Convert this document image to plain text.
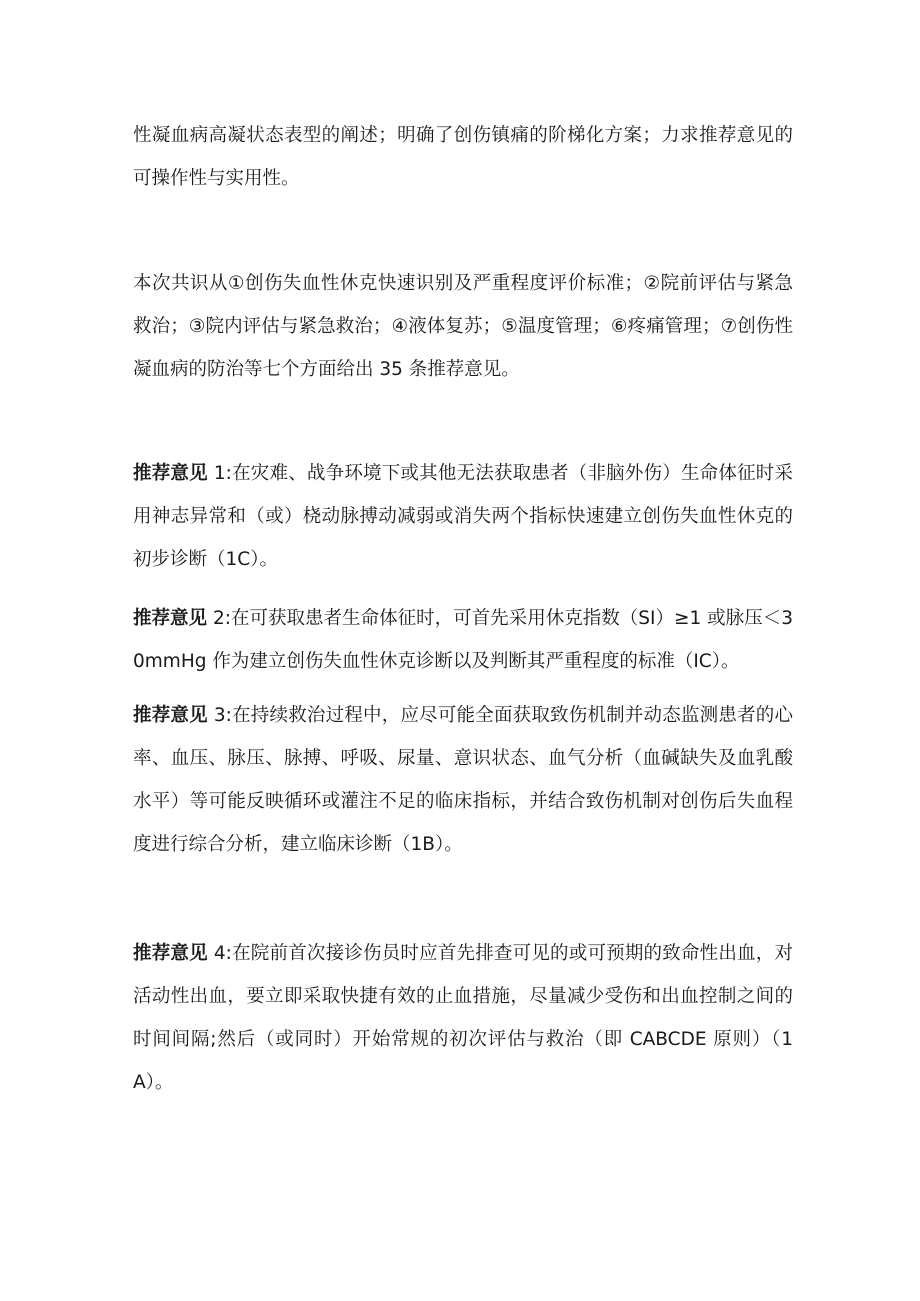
性凝血病高凝状态表型的阐述；明确了创伤镇痛的阶梯化方案；力求推荐意见的可操作性与实用性。

本次共识从①创伤失血性休克快速识别及严重程度评价标准；②院前评估与紧急救治；③院内评估与紧急救治；④液体复苏；⑤温度管理；⑥疼痛管理；⑦创伤性凝血病的防治等七个方面给出 35 条推荐意见。

推荐意见 1:在灾难、战争环境下或其他无法获取患者（非脑外伤）生命体征时采用神志异常和（或）桡动脉搏动减弱或消失两个指标快速建立创伤失血性休克的初步诊断（1C）。

推荐意见 2:在可获取患者生命体征时，可首先采用休克指数（SI）≥1 或脉压＜30mmHg 作为建立创伤失血性休克诊断以及判断其严重程度的标准（IC）。

推荐意见 3:在持续救治过程中，应尽可能全面获取致伤机制并动态监测患者的心率、血压、脉压、脉搏、呼吸、尿量、意识状态、血气分析（血碱缺失及血乳酸水平）等可能反映循环或灌注不足的临床指标，并结合致伤机制对创伤后失血程度进行综合分析，建立临床诊断（1B）。

推荐意见 4:在院前首次接诊伤员时应首先排查可见的或可预期的致命性出血，对活动性出血，要立即采取快捷有效的止血措施，尽量减少受伤和出血控制之间的时间间隔;然后（或同时）开始常规的初次评估与救治（即 CABCDE 原则）（1A）。
